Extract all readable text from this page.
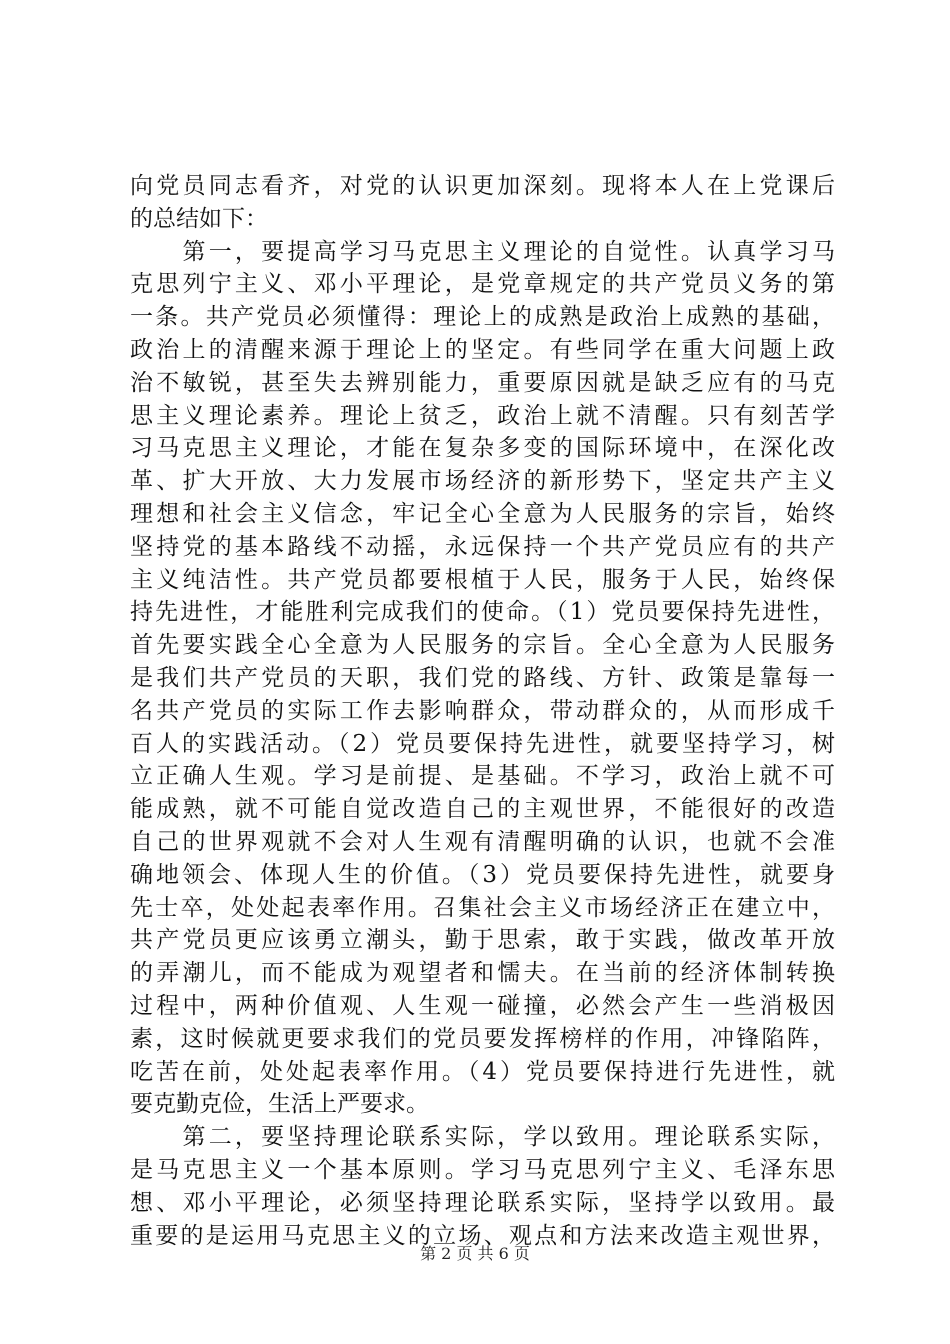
向党员同志看齐，对党的认识更加深刻。现将本人在上党课后
的总结如下：
　　第一，要提高学习马克思主义理论的自觉性。认真学习马
克思列宁主义、邓小平理论，是党章规定的共产党员义务的第
一条。共产党员必须懂得：理论上的成熟是政治上成熟的基础，
政治上的清醒来源于理论上的坚定。有些同学在重大问题上政
治不敏锐，甚至失去辨别能力，重要原因就是缺乏应有的马克
思主义理论素养。理论上贫乏，政治上就不清醒。只有刻苦学
习马克思主义理论，才能在复杂多变的国际环境中，在深化改
革、扩大开放、大力发展市场经济的新形势下，坚定共产主义
理想和社会主义信念，牢记全心全意为人民服务的宗旨，始终
坚持党的基本路线不动摇，永远保持一个共产党员应有的共产
主义纯洁性。共产党员都要根植于人民，服务于人民，始终保
持先进性，才能胜利完成我们的使命。（1）党员要保持先进性，
首先要实践全心全意为人民服务的宗旨。全心全意为人民服务
是我们共产党员的天职，我们党的路线、方针、政策是靠每一
名共产党员的实际工作去影响群众，带动群众的，从而形成千
百人的实践活动。（2）党员要保持先进性，就要坚持学习，树
立正确人生观。学习是前提、是基础。不学习，政治上就不可
能成熟，就不可能自觉改造自己的主观世界，不能很好的改造
自己的世界观就不会对人生观有清醒明确的认识，也就不会准
确地领会、体现人生的价值。（3）党员要保持先进性，就要身
先士卒，处处起表率作用。召集社会主义市场经济正在建立中，
共产党员更应该勇立潮头，勤于思索，敢于实践，做改革开放
的弄潮儿，而不能成为观望者和懦夫。在当前的经济体制转换
过程中，两种价值观、人生观一碰撞，必然会产生一些消极因
素，这时候就更要求我们的党员要发挥榜样的作用，冲锋陷阵，
吃苦在前，处处起表率作用。（4）党员要保持进行先进性，就
要克勤克俭，生活上严要求。
　　第二，要坚持理论联系实际，学以致用。理论联系实际，
是马克思主义一个基本原则。学习马克思列宁主义、毛泽东思
想、邓小平理论，必须坚持理论联系实际，坚持学以致用。最
重要的是运用马克思主义的立场、观点和方法来改造主观世界，
第 2 页 共 6 页
